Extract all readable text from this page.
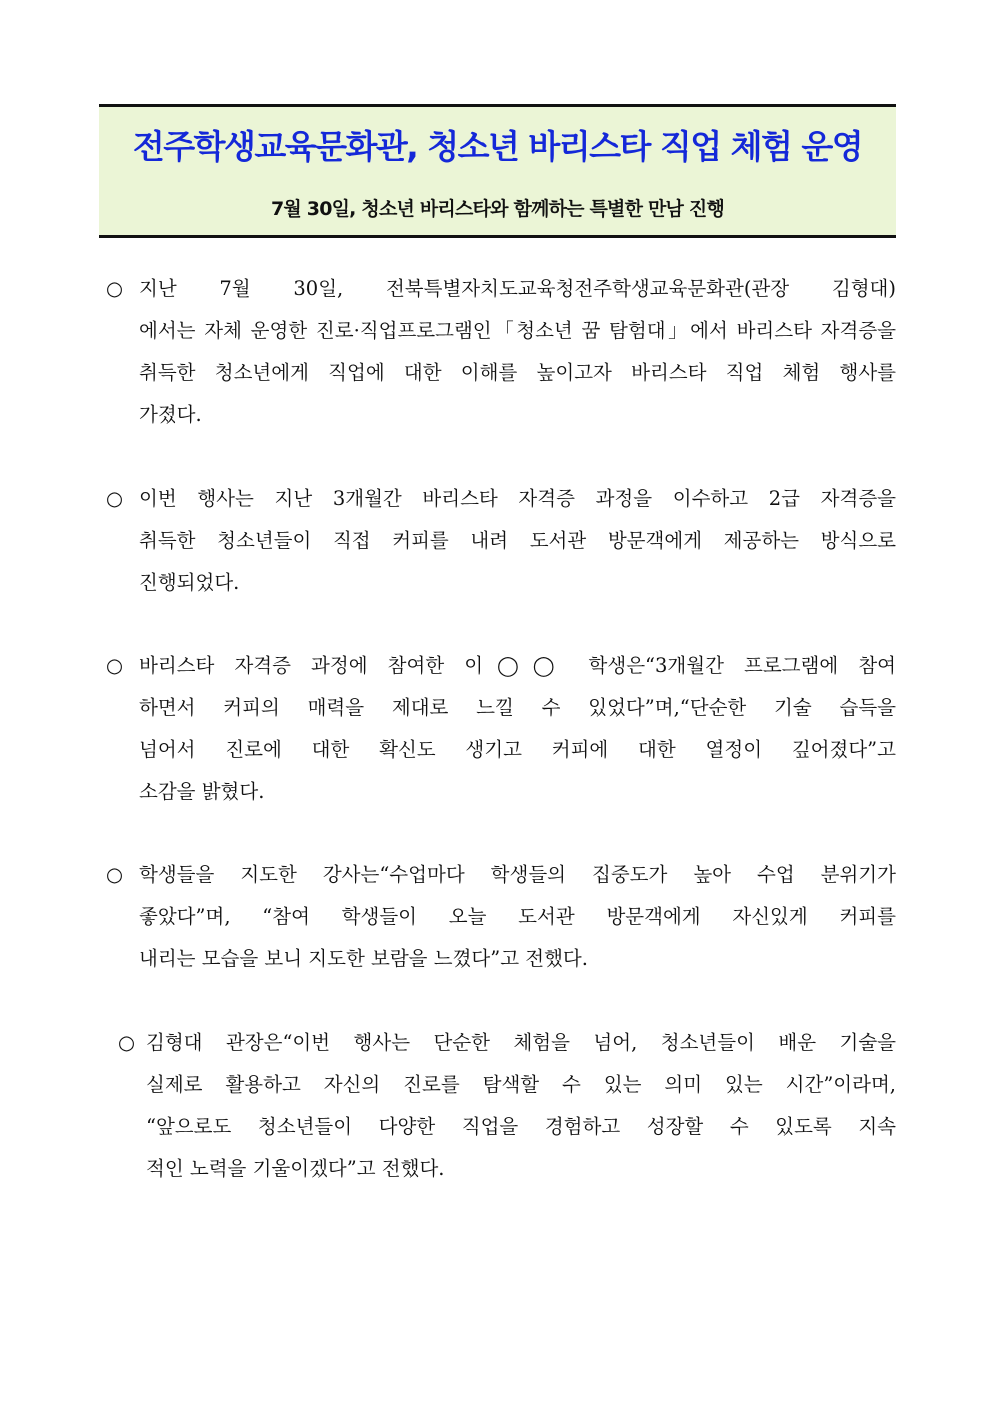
전주학생교육문화관, 청소년 바리스타 직업 체험 운영
7월 30일, 청소년 바리스타와 함께하는 특별한 만남 진행
○ 지난 7월 30일, 전북특별자치도교육청전주학생교육문화관(관장 김형대)
에서는 자체 운영한 진로·직업프로그램인「청소년 꿈 탐험대」에서 바리스타 자격증을
취득한 청소년에게 직업에 대한 이해를 높이고자 바리스타 직업 체험 행사를
가졌다.
○ 이번 행사는 지난 3개월간 바리스타 자격증 과정을 이수하고 2급 자격증을
취득한 청소년들이 직접 커피를 내려 도서관 방문객에게 제공하는 방식으로
진행되었다.
○ 바리스타 자격증 과정에 참여한 이◯◯ 학생은“3개월간 프로그램에 참여
하면서 커피의 매력을 제대로 느낄 수 있었다”며,“단순한 기술 습득을
넘어서 진로에 대한 확신도 생기고 커피에 대한 열정이 깊어졌다”고
소감을 밝혔다.
○ 학생들을 지도한 강사는“수업마다 학생들의 집중도가 높아 수업 분위기가
좋았다”며, “참여 학생들이 오늘 도서관 방문객에게 자신있게 커피를
내리는 모습을 보니 지도한 보람을 느꼈다”고 전했다.
○ 김형대 관장은“이번 행사는 단순한 체험을 넘어, 청소년들이 배운 기술을
실제로 활용하고 자신의 진로를 탐색할 수 있는 의미 있는 시간”이라며,
“앞으로도 청소년들이 다양한 직업을 경험하고 성장할 수 있도록 지속
적인 노력을 기울이겠다”고 전했다.
